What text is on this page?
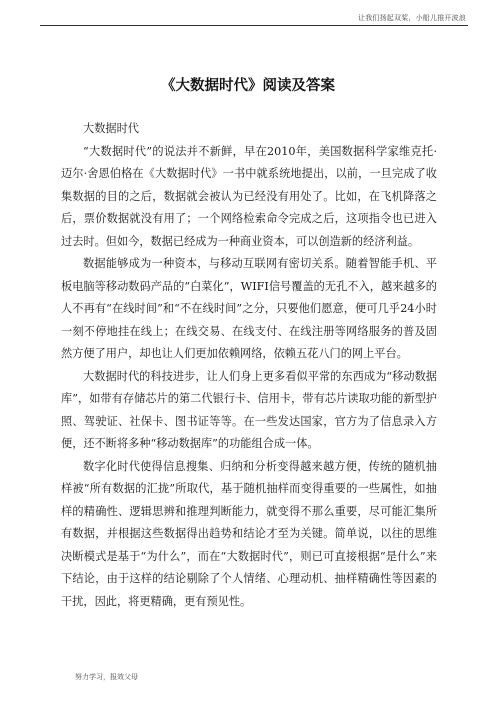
让我们扬起双桨，小船儿推开波浪
《大数据时代》阅读及答案

大数据时代

“大数据时代”的说法并不新鲜，早在2010年，美国数据科学家维克托·迈尔·舍恩伯格在《大数据时代》一书中就系统地提出，以前，一旦完成了收集数据的目的之后，数据就会被认为已经没有用处了。比如，在飞机降落之后，票价数据就没有用了；一个网络检索命令完成之后，这项指令也已进入过去时。但如今，数据已经成为一种商业资本，可以创造新的经济利益。

数据能够成为一种资本，与移动互联网有密切关系。随着智能手机、平板电脑等移动数码产品的“白菜化”，WIFI信号覆盖的无孔不入，越来越多的人不再有“在线时间”和“不在线时间”之分，只要他们愿意，便可几乎24小时一刻不停地挂在线上；在线交易、在线支付、在线注册等网络服务的普及固然方便了用户，却也让人们更加依赖网络，依赖五花八门的网上平台。

大数据时代的科技进步，让人们身上更多看似平常的东西成为“移动数据库”，如带有存储芯片的第二代银行卡、信用卡，带有芯片读取功能的新型护照、驾驶证、社保卡、图书证等等。在一些发达国家，官方为了信息录入方便，还不断将多种“移动数据库”的功能组合成一体。

数字化时代使得信息搜集、归纳和分析变得越来越方便，传统的随机抽样被“所有数据的汇拢”所取代，基于随机抽样而变得重要的一些属性，如抽样的精确性、逻辑思辨和推理判断能力，就变得不那么重要，尽可能汇集所有数据，并根据这些数据得出趋势和结论才至为关键。简单说，以往的思维决断模式是基于“为什么”，而在“大数据时代”，则已可直接根据“是什么”来下结论，由于这样的结论剔除了个人情绪、心理动机、抽样精确性等因素的干扰，因此，将更精确，更有预见性。

努力学习，报效父母
